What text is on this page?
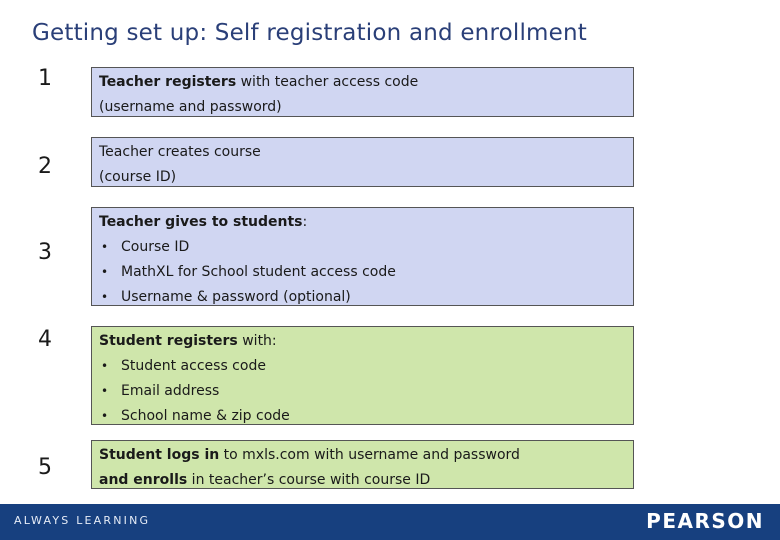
Getting set up: Self registration and enrollment
1	Teacher registers with teacher access code
(username and password)
2
Teacher creates course
(course ID)
3
Teacher gives to students:
• Course ID
• MathXL for School student access code
• Username & password (optional)
4	Student registers with:
• Student access code
• Email address
• School name & zip code
5	Student logs in to mxls.com with username and password
and enrolls in teacher’s course with course ID
ALWAYS LEARNING	PEARSON
